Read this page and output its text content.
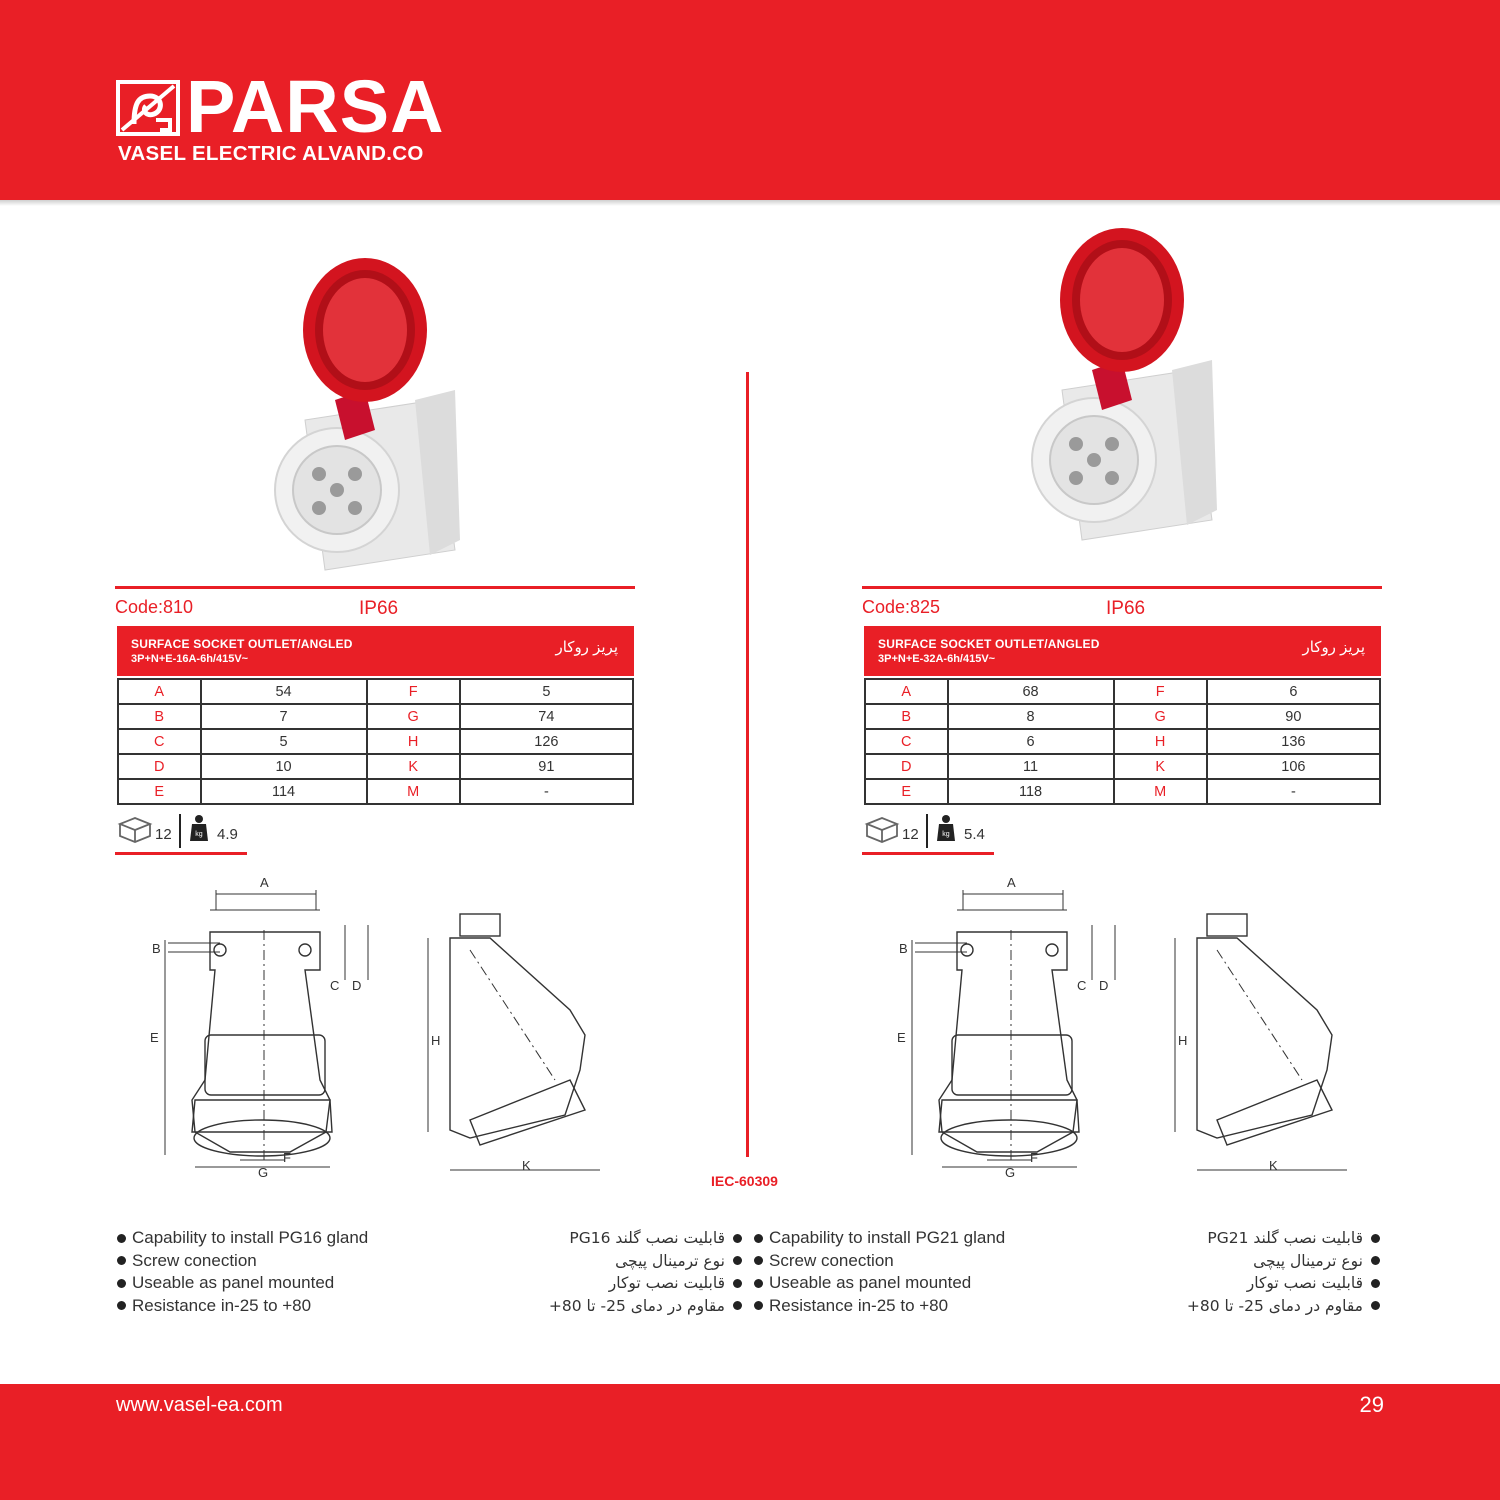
PARSA
VASEL ELECTRIC ALVAND.CO
Code:810	IP66
SURFACE SOCKET OUTLET/ANGLED
3P+N+E-16A-6h/415V~
پریز روکار
A	54	F	5
B	7	G	74
C	5	H	126
D	10	K	91
E	114	M	-
12	kg 4.9
A
B
C D
E
F
G
H
K
Capability to install PG16 gland
Screw conection
Useable as panel mounted
Resistance in-25 to +80
قابلیت نصب گلند PG16
نوع ترمینال پیچی
قابلیت نصب توکار
مقاوم در دمای 25- تا 80+
Code:825	IP66
SURFACE SOCKET OUTLET/ANGLED
3P+N+E-32A-6h/415V~
پریز روکار
A	68	F	6
B	8	G	90
C	6	H	136
D	11	K	106
E	118	M	-
12	kg 5.4
A
B
C D
E
F
G
H
K
Capability to install PG21 gland
Screw conection
Useable as panel mounted
Resistance in-25 to +80
قابلیت نصب گلند PG21
نوع ترمینال پیچی
قابلیت نصب توکار
مقاوم در دمای 25- تا 80+
IEC-60309
www.vasel-ea.com	29
